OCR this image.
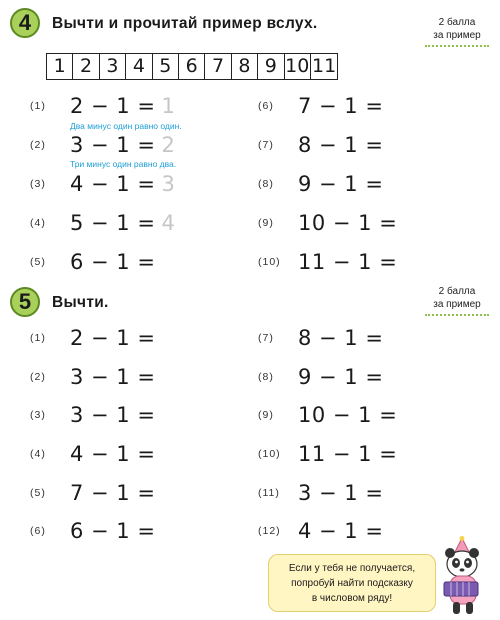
4	Вычти и прочитай пример вслух.	2 балла
за пример
1 2 3 4 5 6 7 8 9 10 11
(1)	2 − 1 = 1
Два минус один равно один.
(2)	3 − 1 = 2
Три минус один равно два.
(3)	4 − 1 = 3
(4)	5 − 1 = 4
(5)	6 − 1 =
(6)	7 − 1 =
(7)	8 − 1 =
(8)	9 − 1 =
(9)	10 − 1 =
(10) 11 − 1 =
5	Вычти.
2 балла
за пример
(1)	2 − 1 =
(2)	3 − 1 =
(3)	3 − 1 =
(4)	4 − 1 =
(5)	7 − 1 =
(6)	6 − 1 =
(7)	8 − 1 =
(8)	9 − 1 =
(9)	10 − 1 =
(10) 11 − 1 =
(11) 3 − 1 =
(12) 4 − 1 =
Если у тебя не получается,
попробуй найти подсказку
в числовом ряду!
